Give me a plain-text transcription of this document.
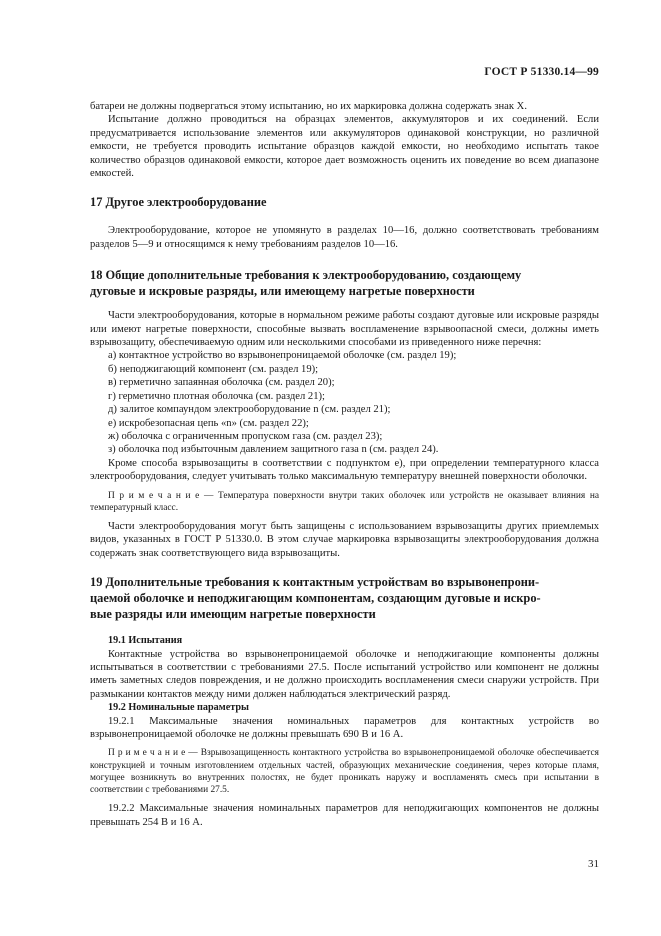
ГОСТ Р 51330.14—99

батареи не должны подвергаться этому испытанию, но их маркировка должна содержать знак X.

Испытание должно проводиться на образцах элементов, аккумуляторов и их соединений. Если предусматривается использование элементов или аккумуляторов одинаковой конструкции, но различной емкости, не требуется проводить испытание образцов каждой емкости, но необходимо испытать такое количество образцов одинаковой емкости, которое дает возможность оценить их поведение во всем диапазоне емкостей.

17 Другое электрооборудование

Электрооборудование, которое не упомянуто в разделах 10—16, должно соответствовать требованиям разделов 5—9 и относящимся к нему требованиям разделов 10—16.

18 Общие дополнительные требования к электрооборудованию, создающему

дуговые и искровые разряды, или имеющему нагретые поверхности

Части электрооборудования, которые в нормальном режиме работы создают дуговые или искровые разряды или имеют нагретые поверхности, способные вызвать воспламенение взрывоопасной смеси, должны иметь взрывозащиту, обеспечиваемую одним или несколькими способами из приведенного ниже перечня:

а) контактное устройство во взрывонепроницаемой оболочке (см. раздел 19);

б) неподжигающий компонент (см. раздел 19);

в) герметично запаянная оболочка (см. раздел 20);

г) герметично плотная оболочка (см. раздел 21);

д) залитое компаундом электрооборудование n (см. раздел 21);

е) искробезопасная цепь «n» (см. раздел 22);

ж) оболочка с ограниченным пропуском газа (см. раздел 23);

з) оболочка под избыточным давлением защитного газа n (см. раздел 24).

Кроме способа взрывозащиты в соответствии с подпунктом е), при определении температурного класса электрооборудования, следует учитывать только максимальную температуру внешней поверхности оболочки.

П р и м е ч а н и е — Температура поверхности внутри таких оболочек или устройств не оказывает влияния на температурный класс.

Части электрооборудования могут быть защищены с использованием взрывозащиты других приемлемых видов, указанных в ГОСТ Р 51330.0. В этом случае маркировка взрывозащиты электрооборудования должна содержать знак соответствующего вида взрывозащиты.

19 Дополнительные требования к контактным устройствам во взрывонепрони-

цаемой оболочке и неподжигающим компонентам, создающим дуговые и искро-

вые разряды или имеющим нагретые поверхности

19.1 Испытания

Контактные устройства во взрывонепроницаемой оболочке и неподжигающие компоненты должны испытываться в соответствии с требованиями 27.5. После испытаний устройство или компонент не должны иметь заметных следов повреждения, и не должно происходить воспламенения смеси снаружи устройств. При размыкании контактов между ними должен наблюдаться электрический разряд.

19.2 Номинальные параметры

19.2.1 Максимальные значения номинальных параметров для контактных устройств во взрывонепроницаемой оболочке не должны превышать 690 В и 16 А.

П р и м е ч а н и е — Взрывозащищенность контактного устройства во взрывонепроницаемой оболочке обеспечивается конструкцией и точным изготовлением отдельных частей, образующих механические соединения, через которые пламя, могущее возникнуть во внутренних полостях, не будет проникать наружу и воспламенять смесь при испытании в соответствии с требованиями 27.5.

19.2.2 Максимальные значения номинальных параметров для неподжигающих компонентов не должны превышать 254 В и 16 А.

31
